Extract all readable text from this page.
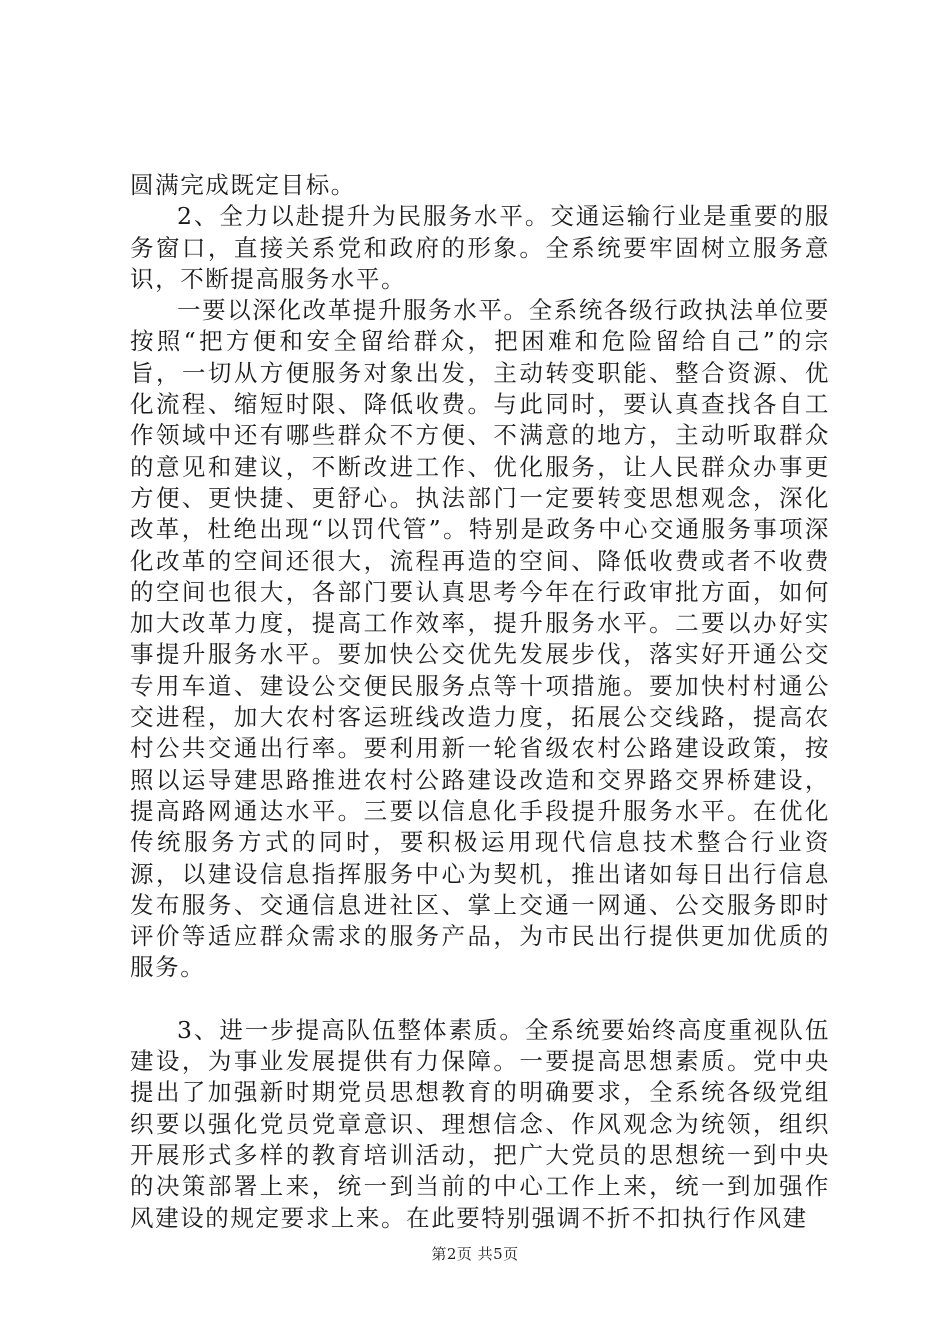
圆满完成既定目标。

2、全力以赴提升为民服务水平。交通运输行业是重要的服务窗口，直接关系党和政府的形象。全系统要牢固树立服务意识，不断提高服务水平。

一要以深化改革提升服务水平。全系统各级行政执法单位要按照“把方便和安全留给群众，把困难和危险留给自己”的宗旨，一切从方便服务对象出发，主动转变职能、整合资源、优化流程、缩短时限、降低收费。与此同时，要认真查找各自工作领域中还有哪些群众不方便、不满意的地方，主动听取群众的意见和建议，不断改进工作、优化服务，让人民群众办事更方便、更快捷、更舒心。执法部门一定要转变思想观念，深化改革，杜绝出现“以罚代管”。特别是政务中心交通服务事项深化改革的空间还很大，流程再造的空间、降低收费或者不收费的空间也很大，各部门要认真思考今年在行政审批方面，如何加大改革力度，提高工作效率，提升服务水平。二要以办好实事提升服务水平。要加快公交优先发展步伐，落实好开通公交专用车道、建设公交便民服务点等十项措施。要加快村村通公交进程，加大农村客运班线改造力度，拓展公交线路，提高农村公共交通出行率。要利用新一轮省级农村公路建设政策，按照以运导建思路推进农村公路建设改造和交界路交界桥建设，提高路网通达水平。三要以信息化手段提升服务水平。在优化传统服务方式的同时，要积极运用现代信息技术整合行业资源，以建设信息指挥服务中心为契机，推出诸如每日出行信息发布服务、交通信息进社区、掌上交通一网通、公交服务即时评价等适应群众需求的服务产品，为市民出行提供更加优质的服务。

3、进一步提高队伍整体素质。全系统要始终高度重视队伍建设，为事业发展提供有力保障。一要提高思想素质。党中央提出了加强新时期党员思想教育的明确要求，全系统各级党组织要以强化党员党章意识、理想信念、作风观念为统领，组织开展形式多样的教育培训活动，把广大党员的思想统一到中央的决策部署上来，统一到当前的中心工作上来，统一到加强作风建设的规定要求上来。在此要特别强调不折不扣执行作风建

第2页 共5页
